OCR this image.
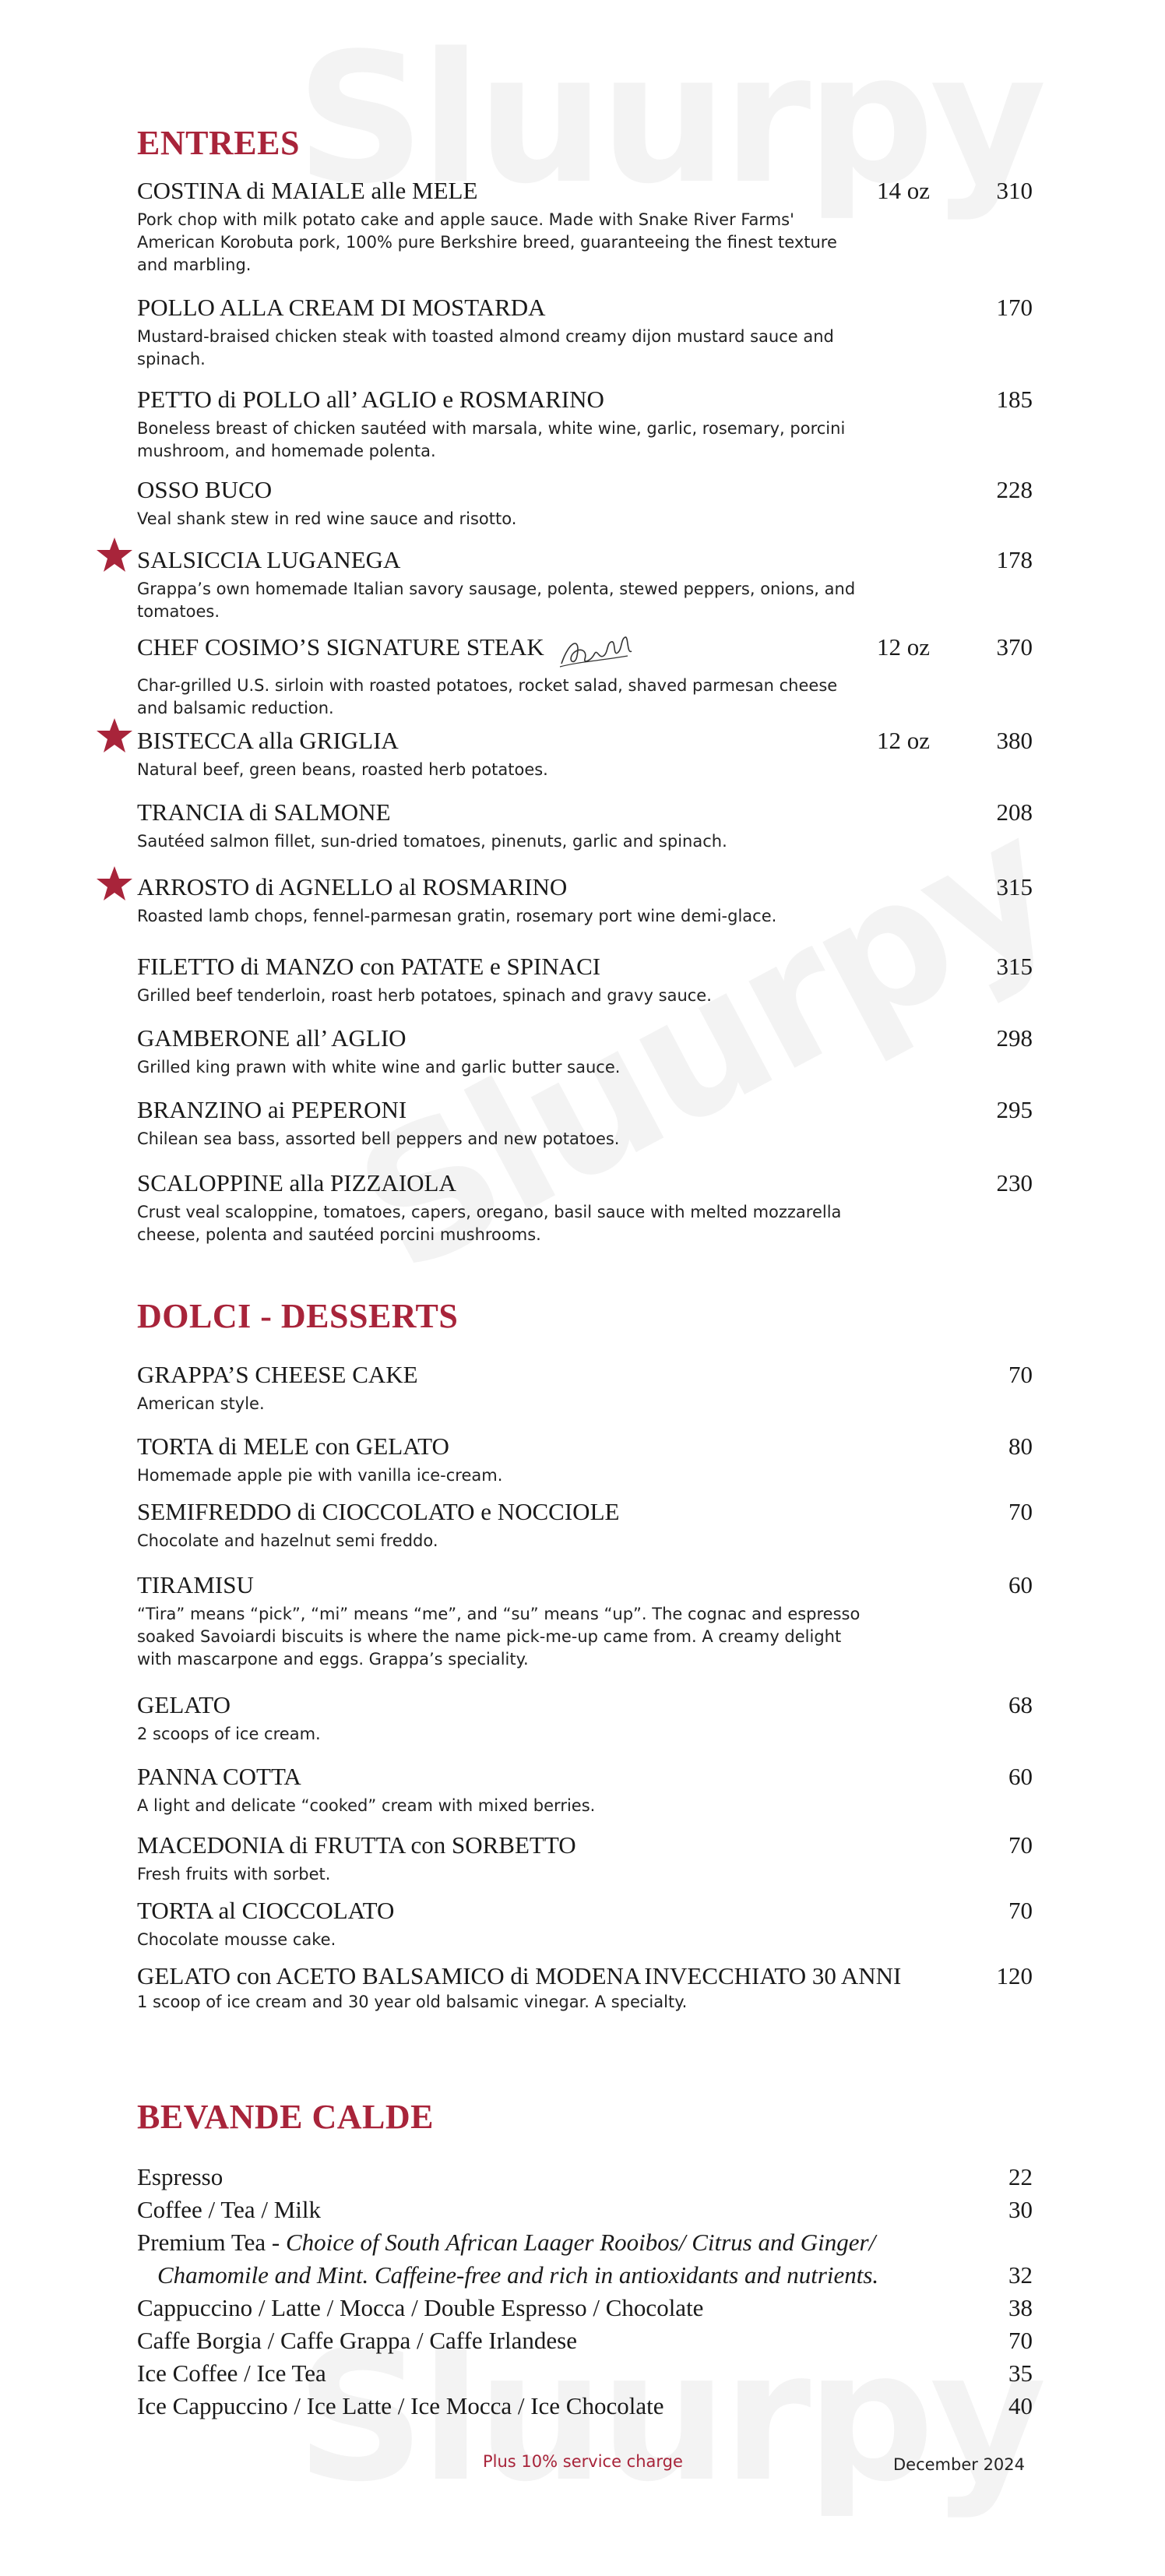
ENTREES
COSTINA di MAIALE alle MELE	14 oz	310
Pork chop with milk potato cake and apple sauce. Made with Snake River Farms' American Korobuta pork, 100% pure Berkshire breed, guaranteeing the finest texture and marbling.
POLLO ALLA CREAM DI MOSTARDA	170
Mustard-braised chicken steak with toasted almond creamy dijon mustard sauce and spinach.
PETTO di POLLO all’ AGLIO e ROSMARINO	185
Boneless breast of chicken sautéed with marsala, white wine, garlic, rosemary, porcini mushroom, and homemade polenta.
OSSO BUCO	228
Veal shank stew in red wine sauce and risotto.
SALSICCIA LUGANEGA	178
Grappa’s own homemade Italian savory sausage, polenta, stewed peppers, onions, and tomatoes.
CHEF COSIMO’S SIGNATURE STEAK	12 oz	370
Char-grilled U.S. sirloin with roasted potatoes, rocket salad, shaved parmesan cheese and balsamic reduction.
BISTECCA alla GRIGLIA	12 oz	380
Natural beef, green beans, roasted herb potatoes.
TRANCIA di SALMONE	208
Sautéed salmon fillet, sun-dried tomatoes, pinenuts, garlic and spinach.
ARROSTO di AGNELLO al ROSMARINO	315
Roasted lamb chops, fennel-parmesan gratin, rosemary port wine demi-glace.
FILETTO di MANZO con PATATE e SPINACI	315
Grilled beef tenderloin, roast herb potatoes, spinach and gravy sauce.
GAMBERONE all’ AGLIO	298
Grilled king prawn with white wine and garlic butter sauce.
BRANZINO ai PEPERONI	295
Chilean sea bass, assorted bell peppers and new potatoes.
SCALOPPINE alla PIZZAIOLA	230
Crust veal scaloppine, tomatoes, capers, oregano, basil sauce with melted mozzarella cheese, polenta and sautéed porcini mushrooms.
DOLCI - DESSERTS
GRAPPA’S CHEESE CAKE	70
American style.
TORTA di MELE con GELATO	80
Homemade apple pie with vanilla ice-cream.
SEMIFREDDO di CIOCCOLATO e NOCCIOLE	70
Chocolate and hazelnut semi freddo.
TIRAMISU	60
“Tira” means “pick”, “mi” means “me”, and “su” means “up”. The cognac and espresso soaked Savoiardi biscuits is where the name pick-me-up came from. A creamy delight with mascarpone and eggs. Grappa’s speciality.
GELATO	68
2 scoops of ice cream.
PANNA COTTA	60
A light and delicate “cooked” cream with mixed berries.
MACEDONIA di FRUTTA con SORBETTO	70
Fresh fruits with sorbet.
TORTA al CIOCCOLATO	70
Chocolate mousse cake.
GELATO con ACETO BALSAMICO di MODENA INVECCHIATO 30 ANNI	120
1 scoop of ice cream and 30 year old balsamic vinegar. A specialty.
BEVANDE CALDE
Espresso	22
Coffee / Tea / Milk	30
Premium Tea - Choice of South African Laager Rooibos/ Citrus and Ginger/
Chamomile and Mint. Caffeine-free and rich in antioxidants and nutrients.	32
Cappuccino / Latte / Mocca / Double Espresso / Chocolate	38
Caffe Borgia / Caffe Grappa / Caffe Irlandese	70
Ice Coffee / Ice Tea	35
Ice Cappuccino / Ice Latte / Ice Mocca / Ice Chocolate	40
Plus 10% service charge	December 2024
